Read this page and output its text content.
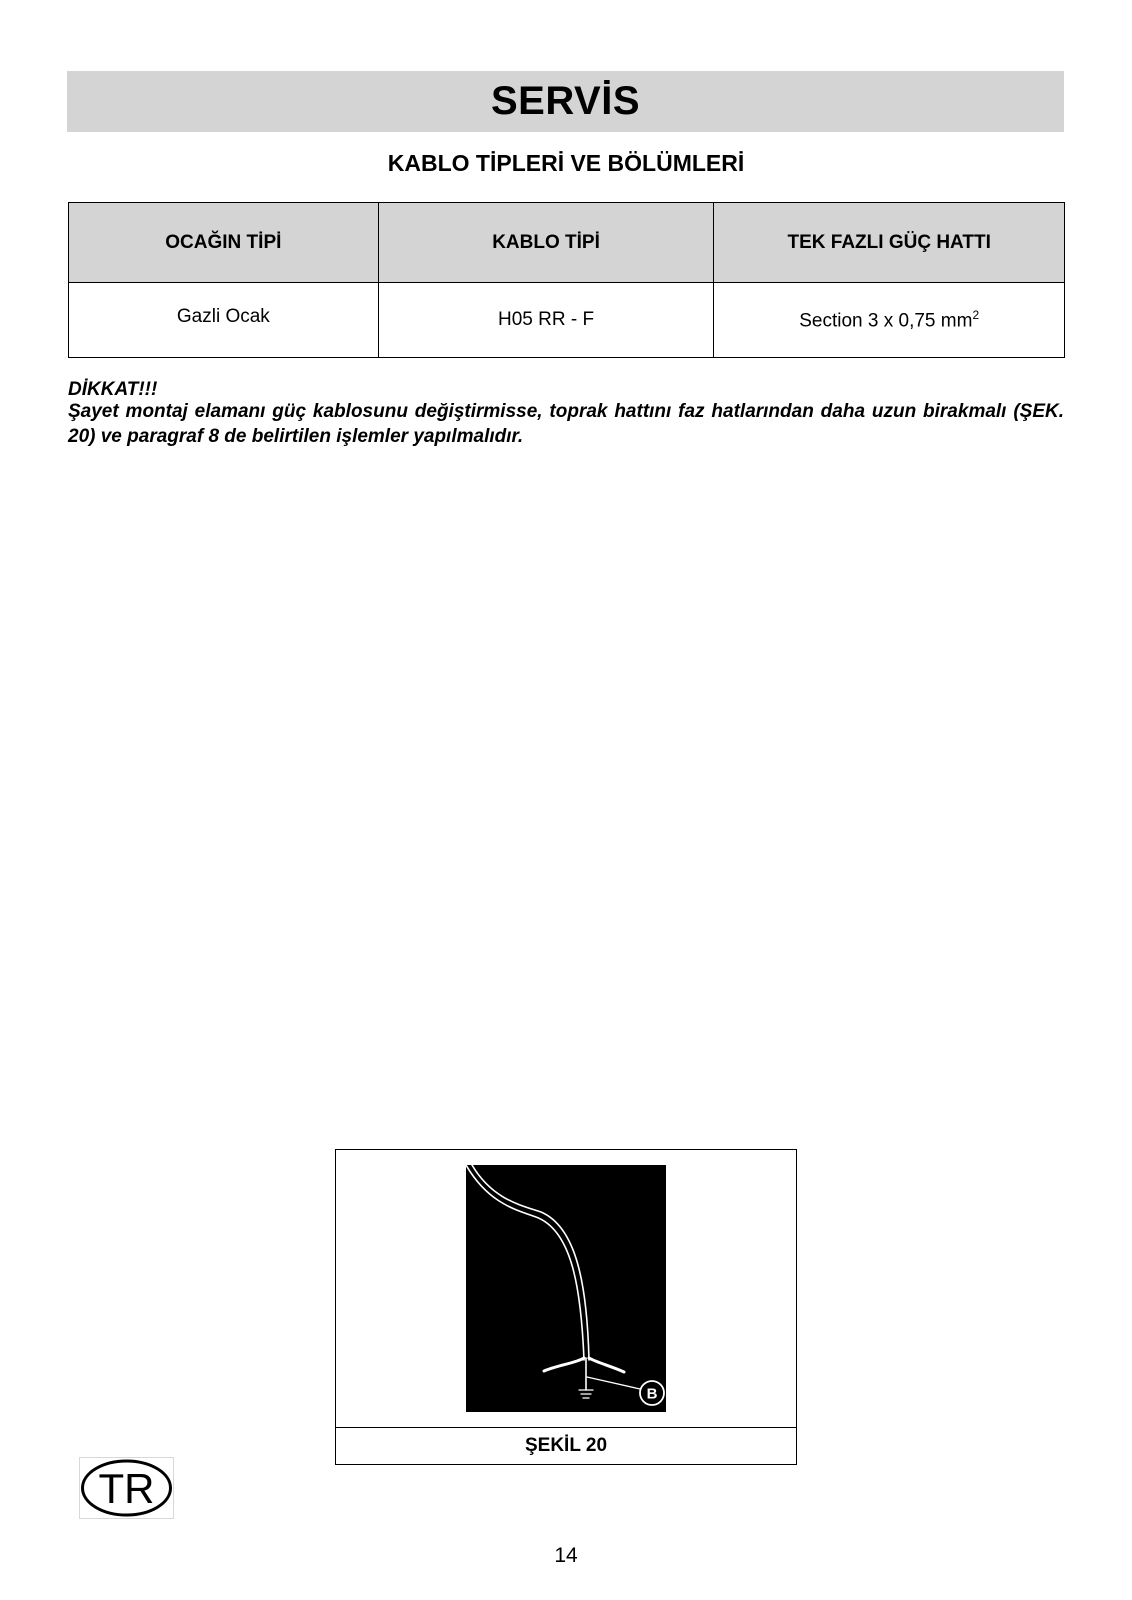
SERVİS
KABLO TİPLERİ VE BÖLÜMLERİ
OCAĞIN TİPİ	KABLO TİPİ	TEK FAZLI GÜÇ HATTI
Gazli Ocak	H05 RR - F	Section 3 x 0,75 $mm^2$
DİKKAT!!!
Şayet montaj elamanı güç kablosunu değiştirmisse, toprak hattını faz hatlarından daha uzun birakmalı (ŞEK. 20) ve paragraf 8 de belirtilen işlemler yapılmalıdır.
B
ŞEKİL 20
TR
14
